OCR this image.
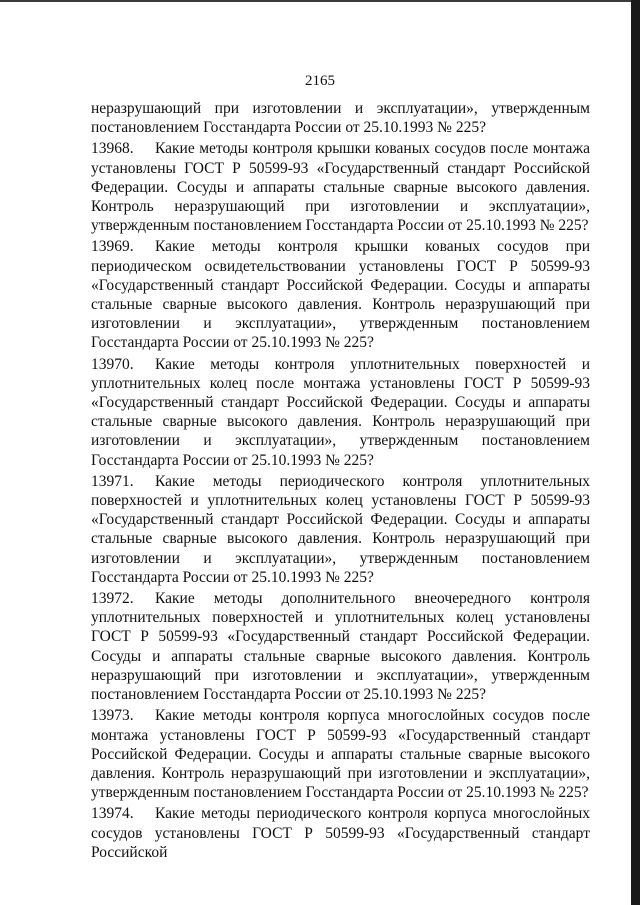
2165

неразрушающий при изготовлении и эксплуатации», утвержденным постановлением Госстандарта России от 25.10.1993 № 225?

13968. Какие методы контроля крышки кованых сосудов после монтажа установлены ГОСТ Р 50599-93 «Государственный стандарт Российской Федерации. Сосуды и аппараты стальные сварные высокого давления. Контроль неразрушающий при изготовлении и эксплуатации», утвержденным постановлением Госстандарта России от 25.10.1993 № 225?

13969. Какие методы контроля крышки кованых сосудов при периодическом освидетельствовании установлены ГОСТ Р 50599-93 «Государственный стандарт Российской Федерации. Сосуды и аппараты стальные сварные высокого давления. Контроль неразрушающий при изготовлении и эксплуатации», утвержденным постановлением Госстандарта России от 25.10.1993 № 225?

13970. Какие методы контроля уплотнительных поверхностей и уплотнительных колец после монтажа установлены ГОСТ Р 50599-93 «Государственный стандарт Российской Федерации. Сосуды и аппараты стальные сварные высокого давления. Контроль неразрушающий при изготовлении и эксплуатации», утвержденным постановлением Госстандарта России от 25.10.1993 № 225?

13971. Какие методы периодического контроля уплотнительных поверхностей и уплотнительных колец установлены ГОСТ Р 50599-93 «Государственный стандарт Российской Федерации. Сосуды и аппараты стальные сварные высокого давления. Контроль неразрушающий при изготовлении и эксплуатации», утвержденным постановлением Госстандарта России от 25.10.1993 № 225?

13972. Какие методы дополнительного внеочередного контроля уплотнительных поверхностей и уплотнительных колец установлены ГОСТ Р 50599-93 «Государственный стандарт Российской Федерации. Сосуды и аппараты стальные сварные высокого давления. Контроль неразрушающий при изготовлении и эксплуатации», утвержденным постановлением Госстандарта России от 25.10.1993 № 225?

13973. Какие методы контроля корпуса многослойных сосудов после монтажа установлены ГОСТ Р 50599-93 «Государственный стандарт Российской Федерации. Сосуды и аппараты стальные сварные высокого давления. Контроль неразрушающий при изготовлении и эксплуатации», утвержденным постановлением Госстандарта России от 25.10.1993 № 225?

13974. Какие методы периодического контроля корпуса многослойных сосудов установлены ГОСТ Р 50599-93 «Государственный стандарт Российской
